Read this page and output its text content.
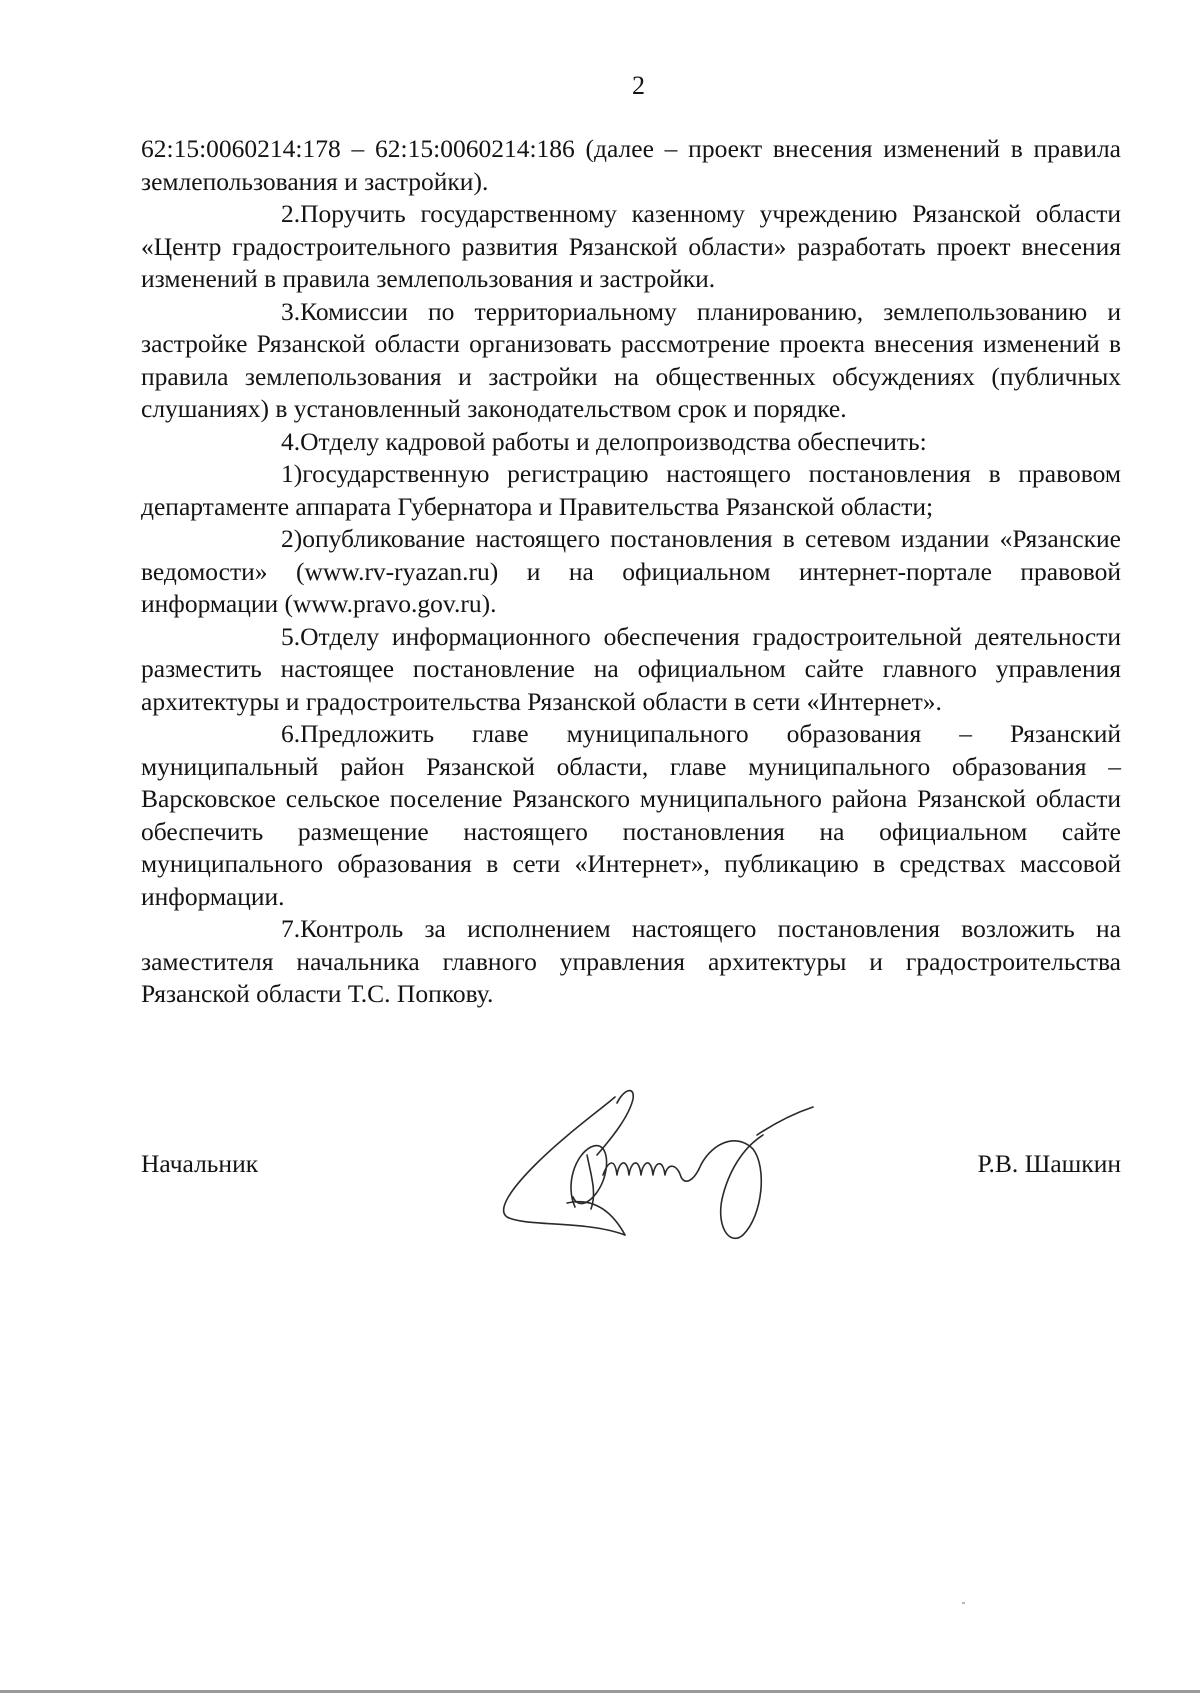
2

62:15:0060214:178 – 62:15:0060214:186 (далее – проект внесения изменений в правила землепользования и застройки).

2.Поручить государственному казенному учреждению Рязанской области «Центр градостроительного развития Рязанской области» разработать проект внесения изменений в правила землепользования и застройки.

3.Комиссии по территориальному планированию, землепользованию и застройке Рязанской области организовать рассмотрение проекта внесения изменений в правила землепользования и застройки на общественных обсуждениях (публичных слушаниях) в установленный законодательством срок и порядке.

4.Отделу кадровой работы и делопроизводства обеспечить:

1)государственную регистрацию настоящего постановления в правовом департаменте аппарата Губернатора и Правительства Рязанской области;

2)опубликование настоящего постановления в сетевом издании «Рязанские ведомости» (www.rv-ryazan.ru) и на официальном интернет-портале правовой информации (www.pravo.gov.ru).

5.Отделу информационного обеспечения градостроительной деятельности разместить настоящее постановление на официальном сайте главного управления архитектуры и градостроительства Рязанской области в сети «Интернет».

6.Предложить главе муниципального образования – Рязанский муниципальный район Рязанской области, главе муниципального образования – Варсковское сельское поселение Рязанского муниципального района Рязанской области обеспечить размещение настоящего постановления на официальном сайте муниципального образования в сети «Интернет», публикацию в средствах массовой информации.

7.Контроль за исполнением настоящего постановления возложить на заместителя начальника главного управления архитектуры и градостроительства Рязанской области Т.С. Попкову.

Начальник	Р.В. Шашкин
